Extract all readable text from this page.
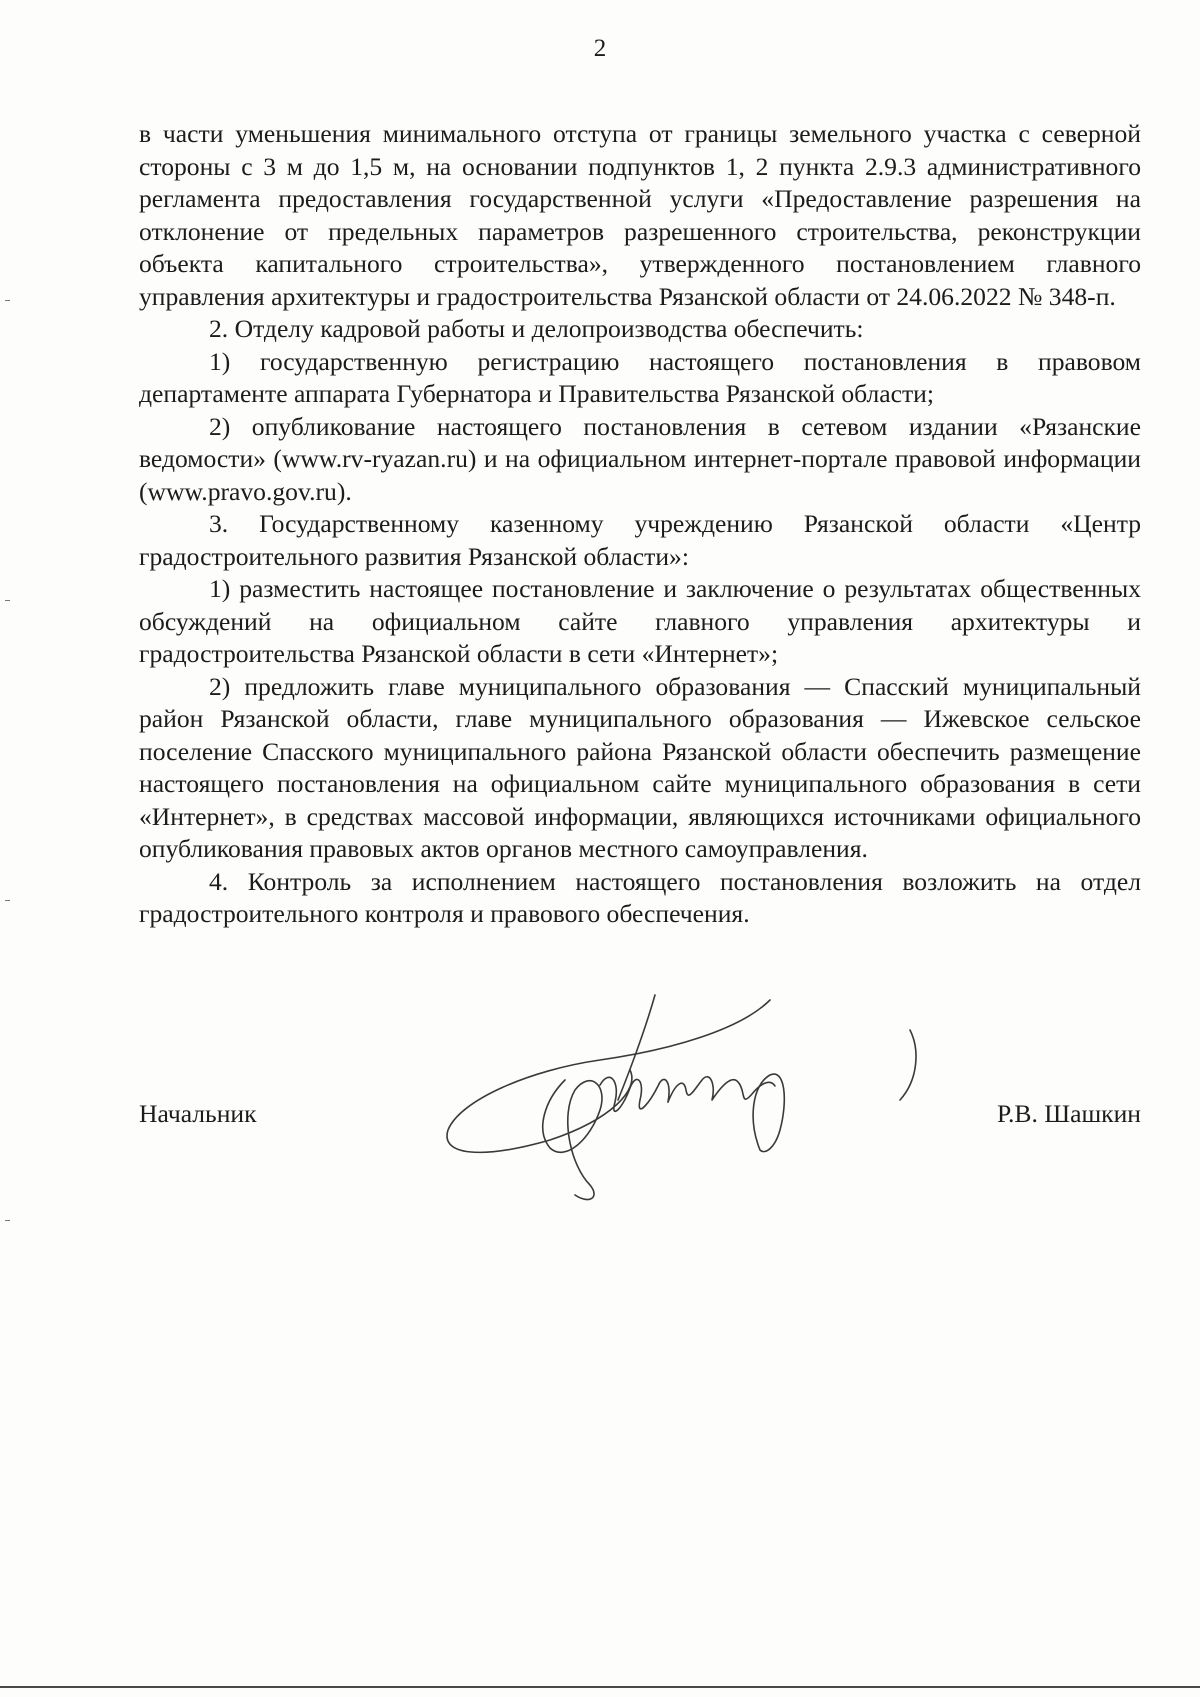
2

в части уменьшения минимального отступа от границы земельного участка с северной стороны с 3 м до 1,5 м, на основании подпунктов 1, 2 пункта 2.9.3 административного регламента предоставления государственной услуги «Предоставление разрешения на отклонение от предельных параметров разрешенного строительства, реконструкции объекта капитального строительства», утвержденного постановлением главного управления архитектуры и градостроительства Рязанской области от 24.06.2022 № 348-п.

2. Отделу кадровой работы и делопроизводства обеспечить:

1) государственную регистрацию настоящего постановления в правовом департаменте аппарата Губернатора и Правительства Рязанской области;

2) опубликование настоящего постановления в сетевом издании «Рязанские ведомости» (www.rv-ryazan.ru) и на официальном интернет-портале правовой информации (www.pravo.gov.ru).

3. Государственному казенному учреждению Рязанской области «Центр градостроительного развития Рязанской области»:

1) разместить настоящее постановление и заключение о результатах общественных обсуждений на официальном сайте главного управления архитектуры и градостроительства Рязанской области в сети «Интернет»;

2) предложить главе муниципального образования — Спасский муниципальный район Рязанской области, главе муниципального образования — Ижевское сельское поселение Спасского муниципального района Рязанской области обеспечить размещение настоящего постановления на официальном сайте муниципального образования в сети «Интернет», в средствах массовой информации, являющихся источниками официального опубликования правовых актов органов местного самоуправления.

4. Контроль за исполнением настоящего постановления возложить на отдел градостроительного контроля и правового обеспечения.

Начальник	Р.В. Шашкин
